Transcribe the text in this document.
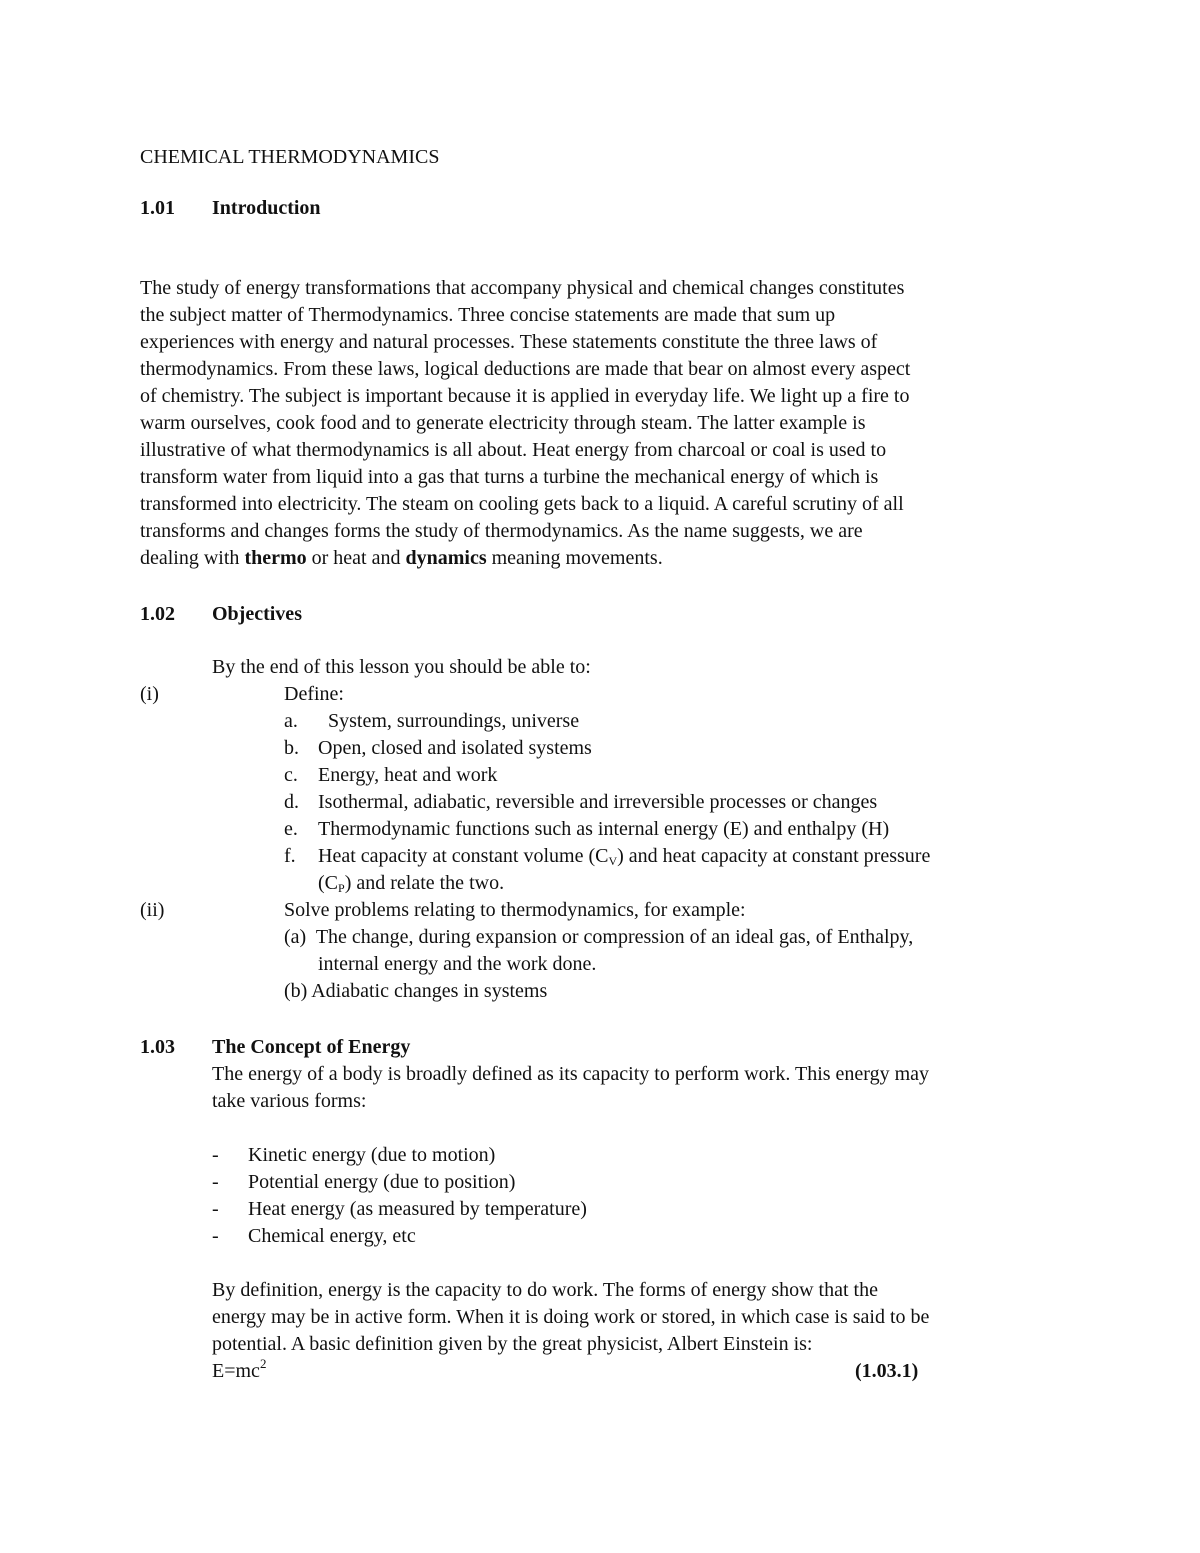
CHEMICAL THERMODYNAMICS
1.01 Introduction
The study of energy transformations that accompany physical and chemical changes constitutes
the subject matter of Thermodynamics. Three concise statements are made that sum up
experiences with energy and natural processes. These statements constitute the three laws of
thermodynamics. From these laws, logical deductions are made that bear on almost every aspect
of chemistry. The subject is important because it is applied in everyday life. We light up a fire to
warm ourselves, cook food and to generate electricity through steam. The latter example is
illustrative of what thermodynamics is all about. Heat energy from charcoal or coal is used to
transform water from liquid into a gas that turns a turbine the mechanical energy of which is
transformed into electricity. The steam on cooling gets back to a liquid. A careful scrutiny of all
transforms and changes forms the study of thermodynamics. As the name suggests, we are
dealing with thermo or heat and dynamics meaning movements.
1.02 Objectives
By the end of this lesson you should be able to:
(i)	Define:
a. System, surroundings, universe
b. Open, closed and isolated systems
c. Energy, heat and work
d. Isothermal, adiabatic, reversible and irreversible processes or changes
e. Thermodynamic functions such as internal energy (E) and enthalpy (H)
f. Heat capacity at constant volume $(C_V)$ and heat capacity at constant pressure
$(C_P)$ and relate the two.
(ii)	Solve problems relating to thermodynamics, for example:
(a)  The change, during expansion or compression of an ideal gas, of Enthalpy,
internal energy and the work done.
(b) Adiabatic changes in systems
1.03 The Concept of Energy
The energy of a body is broadly defined as its capacity to perform work. This energy may
take various forms:
- Kinetic energy (due to motion)
- Potential energy (due to position)
- Heat energy (as measured by temperature)
- Chemical energy, etc
By definition, energy is the capacity to do work. The forms of energy show that the
energy may be in active form. When it is doing work or stored, in which case is said to be
potential. A basic definition given by the great physicist, Albert Einstein is:
$E=mc^2$	(1.03.1)
